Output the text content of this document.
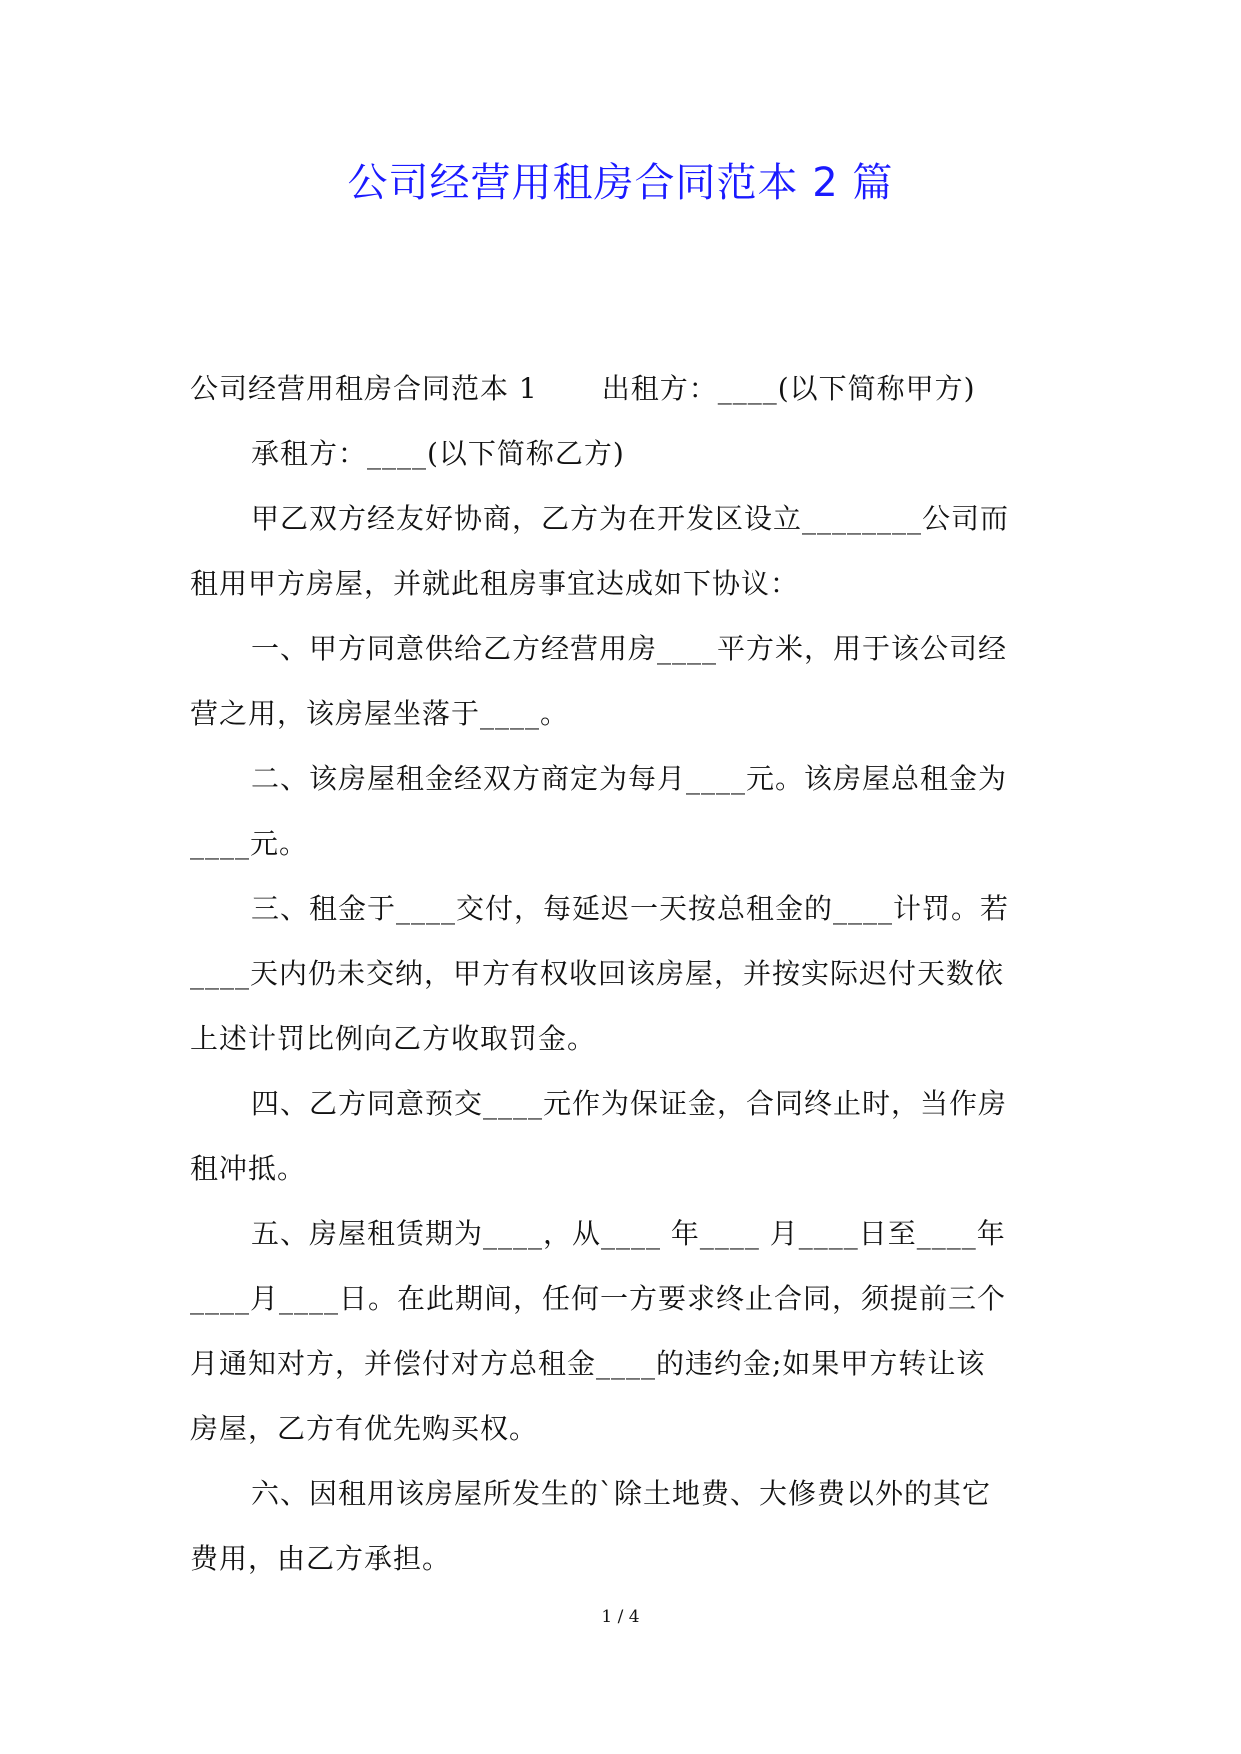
公司经营用租房合同范本 2 篇
公司经营用租房合同范本 1 出租方：____(以下简称甲方)
承租方：____(以下简称乙方)
甲乙双方经友好协商，乙方为在开发区设立________公司而
租用甲方房屋，并就此租房事宜达成如下协议：
一、甲方同意供给乙方经营用房____平方米，用于该公司经
营之用，该房屋坐落于____。
二、该房屋租金经双方商定为每月____元。该房屋总租金为
____元。
三、租金于____交付，每延迟一天按总租金的____计罚。若
____天内仍未交纳，甲方有权收回该房屋，并按实际迟付天数依
上述计罚比例向乙方收取罚金。
四、乙方同意预交____元作为保证金，合同终止时，当作房
租冲抵。
五、房屋租赁期为____，从____ 年____ 月____日至____年
____月____日。在此期间，任何一方要求终止合同，须提前三个
月通知对方，并偿付对方总租金____的违约金;如果甲方转让该
房屋，乙方有优先购买权。
六、因租用该房屋所发生的`除土地费、大修费以外的其它
费用，由乙方承担。
1 / 4
